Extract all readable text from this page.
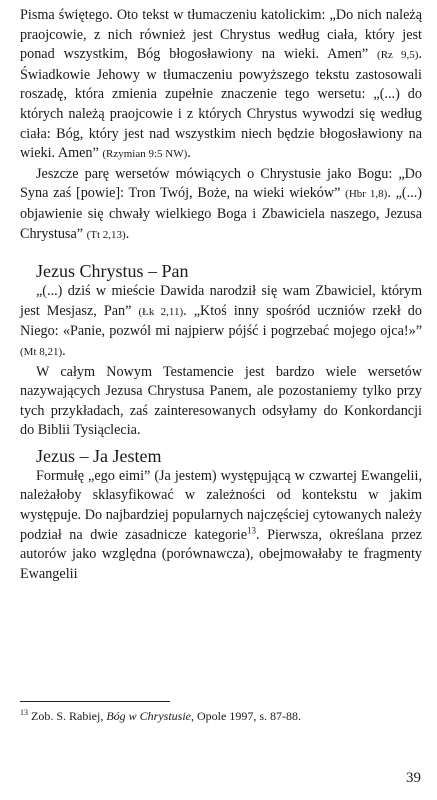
Pisma świętego. Oto tekst w tłumaczeniu katolickim: „Do nich należą praojcowie, z nich również jest Chrystus według ciała, który jest ponad wszystkim, Bóg błogosławiony na wieki. Amen” (Rz 9,5). Świadkowie Jehowy w tłumaczeniu powyższego tekstu zastosowali roszadę, która zmienia zupełnie znaczenie tego wersetu: „(...) do których należą praojcowie i z których Chrystus wywodzi się według ciała: Bóg, który jest nad wszystkim niech będzie błogosławiony na wieki. Amen” (Rzymian 9:5 NW).

Jeszcze parę wersetów mówiących o Chrystusie jako Bogu: „Do Syna zaś [powie]: Tron Twój, Boże, na wieki wieków” (Hbr 1,8). „(...) objawienie się chwały wielkiego Boga i Zbawiciela naszego, Jezusa Chrystusa” (Tt 2,13).

Jezus Chrystus – Pan

„(...) dziś w mieście Dawida narodził się wam Zbawiciel, którym jest Mesjasz, Pan” (Łk 2,11). „Ktoś inny spośród uczniów rzekł do Niego: «Panie, pozwól mi najpierw pójść i pogrzebać mojego ojca!»” (Mt 8,21).

W całym Nowym Testamencie jest bardzo wiele wersetów nazywających Jezusa Chrystusa Panem, ale pozostaniemy tylko przy tych przykładach, zaś zainteresowanych odsyłamy do Konkordancji do Biblii Tysiąclecia.

Jezus – Ja Jestem

Formułę „ego eimi” (Ja jestem) występującą w czwartej Ewangelii, należałoby sklasyfikować w zależności od kontekstu w jakim występuje. Do najbardziej popularnych najczęściej cytowanych należy podział na dwie zasadnicze kategorie$^{13}$. Pierwsza, określana przez autorów jako względna (porównawcza), obejmowałaby te fragmenty Ewangelii

$^{13}$ Zob. S. Rabiej, Bóg w Chrystusie, Opole 1997, s. 87-88.
39
